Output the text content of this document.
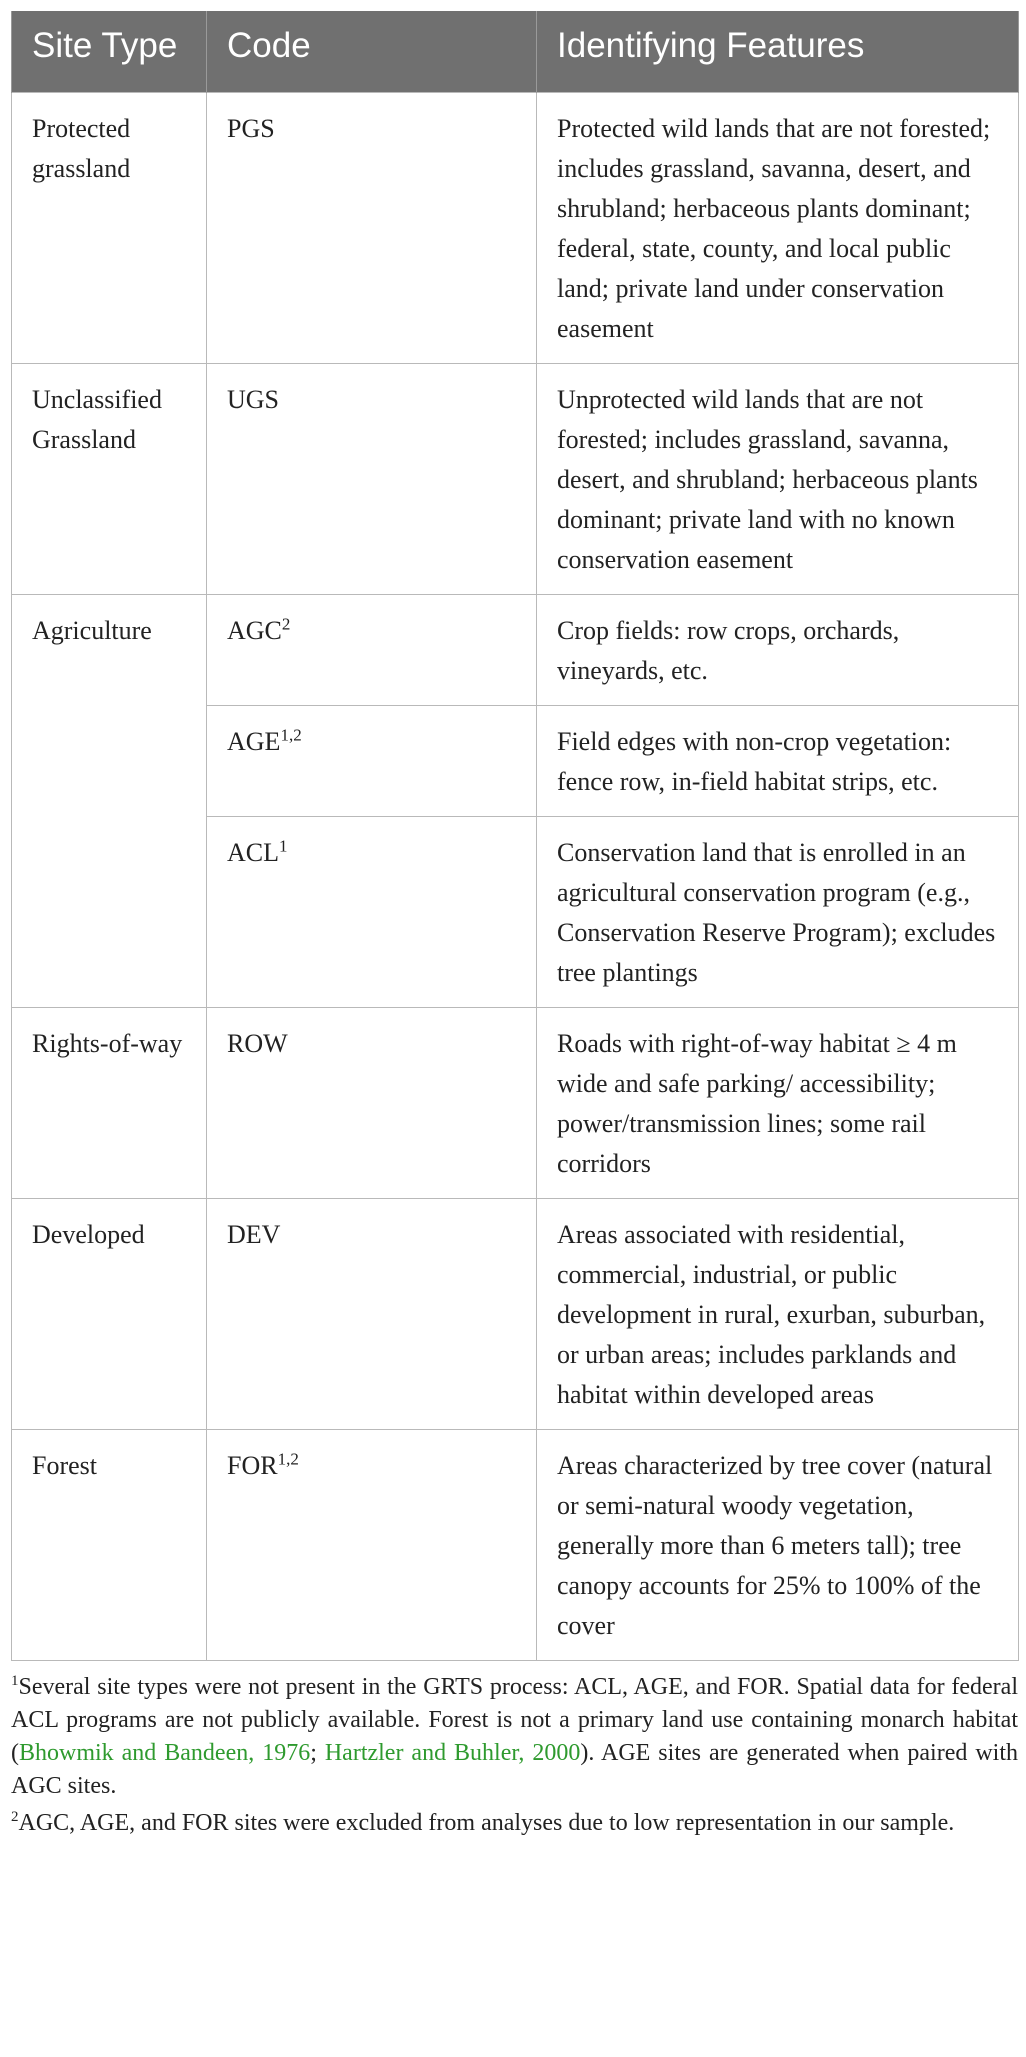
Site Type	Code	Identifying Features
Protected grassland	PGS	Protected wild lands that are not forested; includes grassland, savanna, desert, and shrubland; herbaceous plants dominant; federal, state, county, and local public land; private land under conservation easement
Unclassified Grassland	UGS	Unprotected wild lands that are not forested; includes grassland, savanna, desert, and shrubland; herbaceous plants dominant; private land with no known conservation easement
Agriculture	AGC$^2$	Crop fields: row crops, orchards, vineyards, etc.
	AGE$^{1,2}$	Field edges with non-crop vegetation: fence row, in-field habitat strips, etc.
	ACL$^1$	Conservation land that is enrolled in an agricultural conservation program (e.g., Conservation Reserve Program); excludes tree plantings
Rights-of-way	ROW	Roads with right-of-way habitat ≥ 4 m wide and safe parking/ accessibility; power/transmission lines; some rail corridors
Developed	DEV	Areas associated with residential, commercial, industrial, or public development in rural, exurban, suburban, or urban areas; includes parklands and habitat within developed areas
Forest	FOR$^{1,2}$	Areas characterized by tree cover (natural or semi-natural woody vegetation, generally more than 6 meters tall); tree canopy accounts for 25% to 100% of the cover

$^1$Several site types were not present in the GRTS process: ACL, AGE, and FOR. Spatial data for federal ACL programs are not publicly available. Forest is not a primary land use containing monarch habitat (Bhowmik and Bandeen, 1976; Hartzler and Buhler, 2000). AGE sites are generated when paired with AGC sites.

$^2$AGC, AGE, and FOR sites were excluded from analyses due to low representation in our sample.
